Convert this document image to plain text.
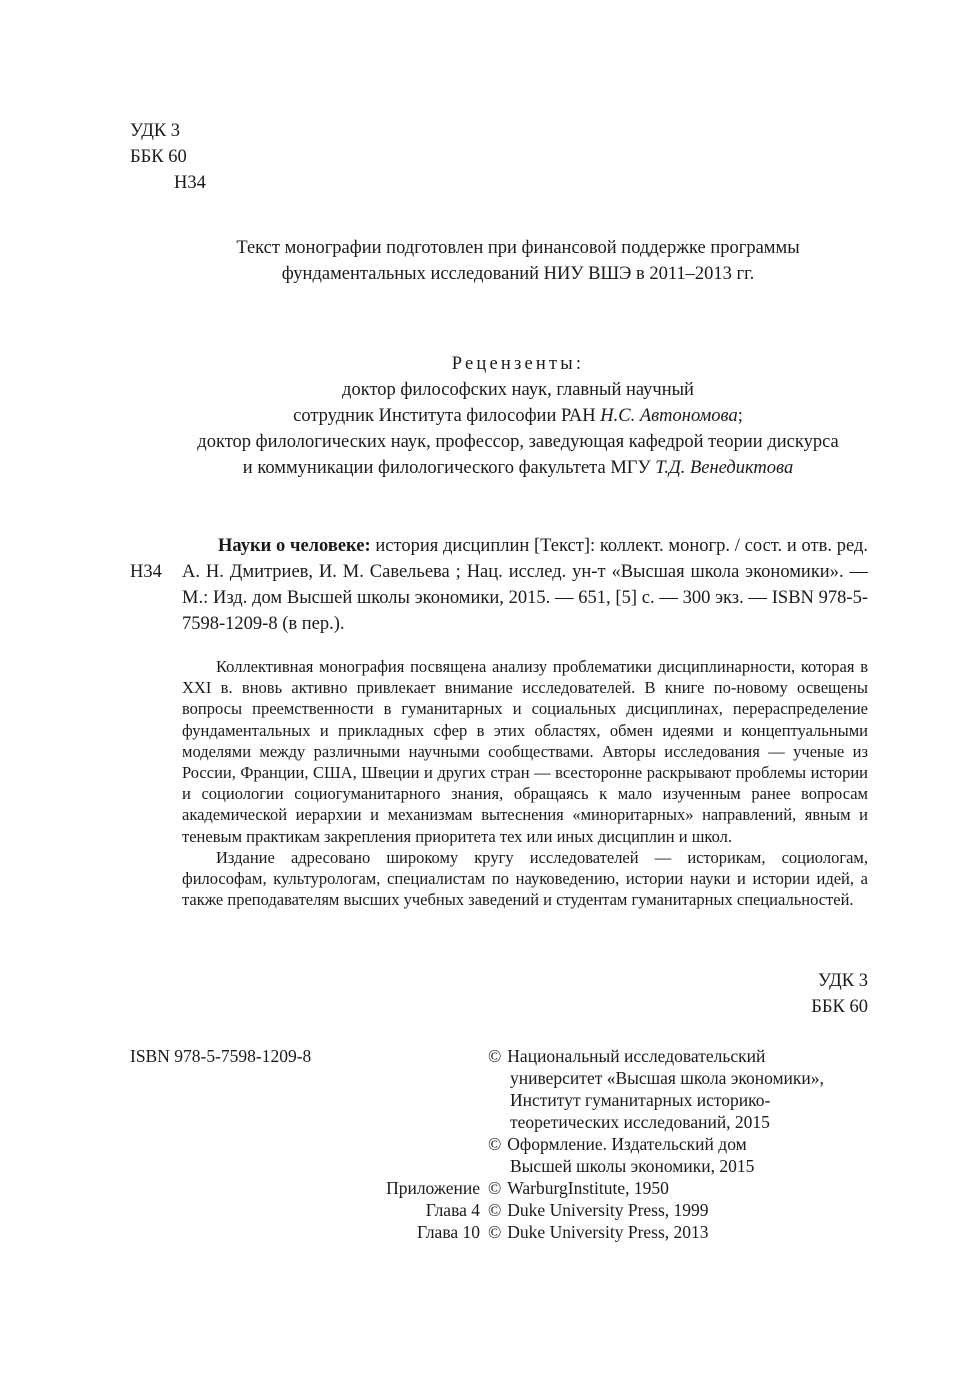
УДК 3
ББК 60
Н34
Текст монографии подготовлен при финансовой поддержке программы
фундаментальных исследований НИУ ВШЭ в 2011–2013 гг.
Рецензенты:
доктор философских наук, главный научный
сотрудник Института философии РАН Н.С. Автономова;
доктор филологических наук, профессор, заведующая кафедрой теории дискурса
и коммуникации филологического факультета МГУ Т.Д. Венедиктова
Н34
Науки о человеке: история дисциплин [Текст]: коллект. моногр. / сост. и отв. ред. А. Н. Дмитриев, И. М. Савельева ; Нац. исслед. ун-т «Высшая школа экономики». — М.: Изд. дом Высшей школы экономики, 2015. — 651, [5] с. — 300 экз. — ISBN 978-5-7598-1209-8 (в пер.).

Коллективная монография посвящена анализу проблематики дисциплинарности, которая в XXI в. вновь активно привлекает внимание исследователей. В книге по-новому освещены вопросы преемственности в гуманитарных и социальных дисциплинах, перераспределение фундаментальных и прикладных сфер в этих областях, обмен идеями и концептуальными моделями между различными научными сообществами. Авторы исследования — ученые из России, Франции, США, Швеции и других стран — всесторонне раскрывают проблемы истории и социологии социогуманитарного знания, обращаясь к мало изученным ранее вопросам академической иерархии и механизмам вытеснения «миноритарных» направлений, явным и теневым практикам закрепления приоритета тех или иных дисциплин и школ.

Издание адресовано широкому кругу исследователей — историкам, социологам, философам, культурологам, специалистам по науковедению, истории науки и истории идей, а также преподавателям высших учебных заведений и студентам гуманитарных специальностей.

УДК 3
ББК 60
ISBN 978-5-7598-1209-8	© Национальный исследовательский
университет «Высшая школа экономики»,
Институт гуманитарных историко-
теоретических исследований, 2015
© Оформление. Издательский дом
Высшей школы экономики, 2015
Приложение © WarburgInstitute, 1950
Глава 4 © Duke University Press, 1999
Глава 10 © Duke University Press, 2013
